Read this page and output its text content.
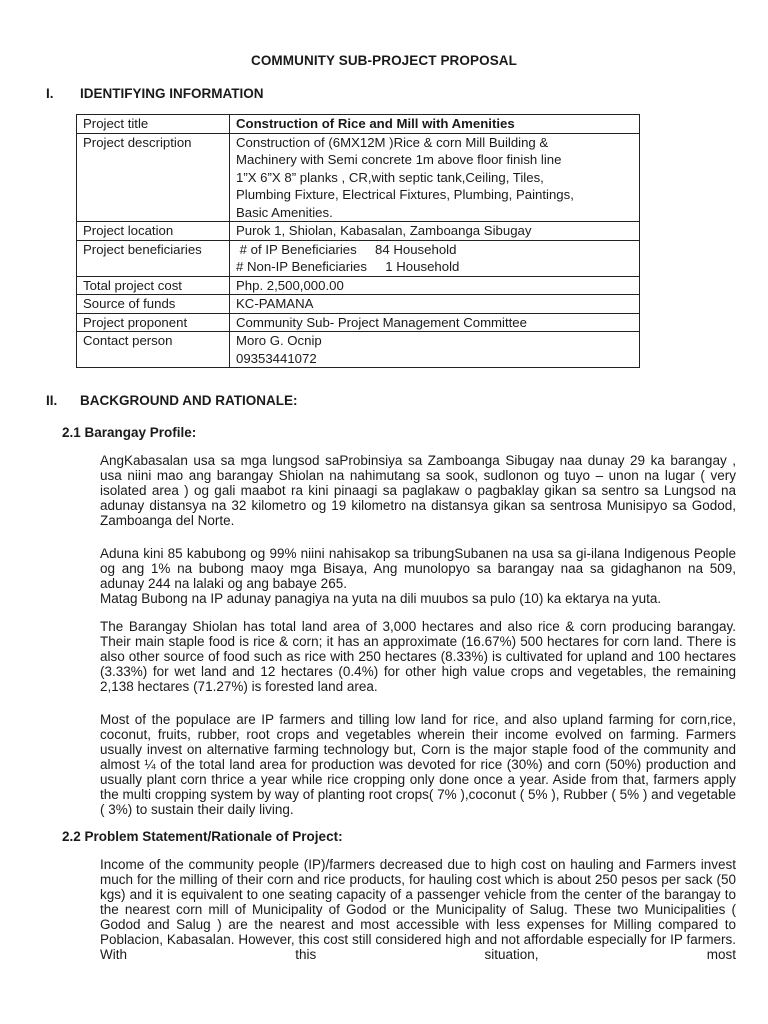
COMMUNITY SUB-PROJECT PROPOSAL
I. IDENTIFYING INFORMATION
Project title	Construction of Rice and Mill with Amenities
Project description	Construction of (6MX12M )Rice & corn Mill Building &
Machinery with Semi concrete 1m above floor finish line
1”X 6”X 8” planks , CR,with septic tank,Ceiling, Tiles,
Plumbing Fixture, Electrical Fixtures, Plumbing, Paintings,
Basic Amenities.

Project location	Purok 1, Shiolan, Kabasalan, Zamboanga Sibugay
Project beneficiaries	# of IP Beneficiaries     84 Household
# Non-IP Beneficiaries     1 Household

Total project cost	Php. 2,500,000.00
Source of funds	KC-PAMANA
Project proponent	Community Sub- Project Management Committee
Contact person	Moro G. Ocnip
09353441072
II. BACKGROUND AND RATIONALE:
2.1 Barangay Profile:

AngKabasalan usa sa mga lungsod saProbinsiya sa Zamboanga Sibugay naa dunay 29 ka barangay , usa niini mao ang barangay Shiolan na nahimutang sa sook, sudlonon og tuyo – unon na lugar ( very isolated area ) og gali maabot ra kini pinaagi sa paglakaw o pagbaklay gikan sa sentro sa Lungsod na adunay distansya na 32 kilometro og 19 kilometro na distansya gikan sa sentrosa Munisipyo sa Godod, Zamboanga del Norte.

Aduna kini 85 kabubong og 99% niini nahisakop sa tribungSubanen na usa sa gi-ilana Indigenous People og ang 1% na bubong maoy mga Bisaya, Ang munolopyo sa barangay naa sa gidaghanon na 509, adunay 244 na lalaki og ang babaye 265.

Matag Bubong na IP adunay panagiya na yuta na dili muubos sa pulo (10) ka ektarya na yuta.

The Barangay Shiolan has total land area of 3,000 hectares and also rice & corn producing barangay. Their main staple food is rice & corn; it has an approximate (16.67%) 500 hectares for corn land. There is also other source of food such as rice with 250 hectares (8.33%) is cultivated for upland and 100 hectares (3.33%) for wet land and 12 hectares (0.4%) for other high value crops and vegetables, the remaining 2,138 hectares (71.27%) is forested land area.

Most of the populace are IP farmers and tilling low land for rice, and also upland farming for corn,rice, coconut, fruits, rubber, root crops and vegetables wherein their income evolved on farming. Farmers usually invest on alternative farming technology but, Corn is the major staple food of the community and almost ¼ of the total land area for production was devoted for rice (30%) and corn (50%) production and usually plant corn thrice a year while rice cropping only done once a year. Aside from that, farmers apply the multi cropping system by way of planting root crops( 7% ),coconut ( 5% ), Rubber ( 5% ) and vegetable ( 3%) to sustain their daily living.

2.2 Problem Statement/Rationale of Project:

Income of the community people (IP)/farmers decreased due to high cost on hauling and Farmers invest much for the milling of their corn and rice products, for hauling cost which is about 250 pesos per sack (50 kgs) and it is equivalent to one seating capacity of a passenger vehicle from the center of the barangay to the nearest corn mill of Municipality of Godod or the Municipality of Salug. These two Municipalities ( Godod and Salug ) are the nearest and most accessible with less expenses for Milling compared to Poblacion, Kabasalan. However, this cost still considered high and not affordable especially for IP farmers. With this situation, most
